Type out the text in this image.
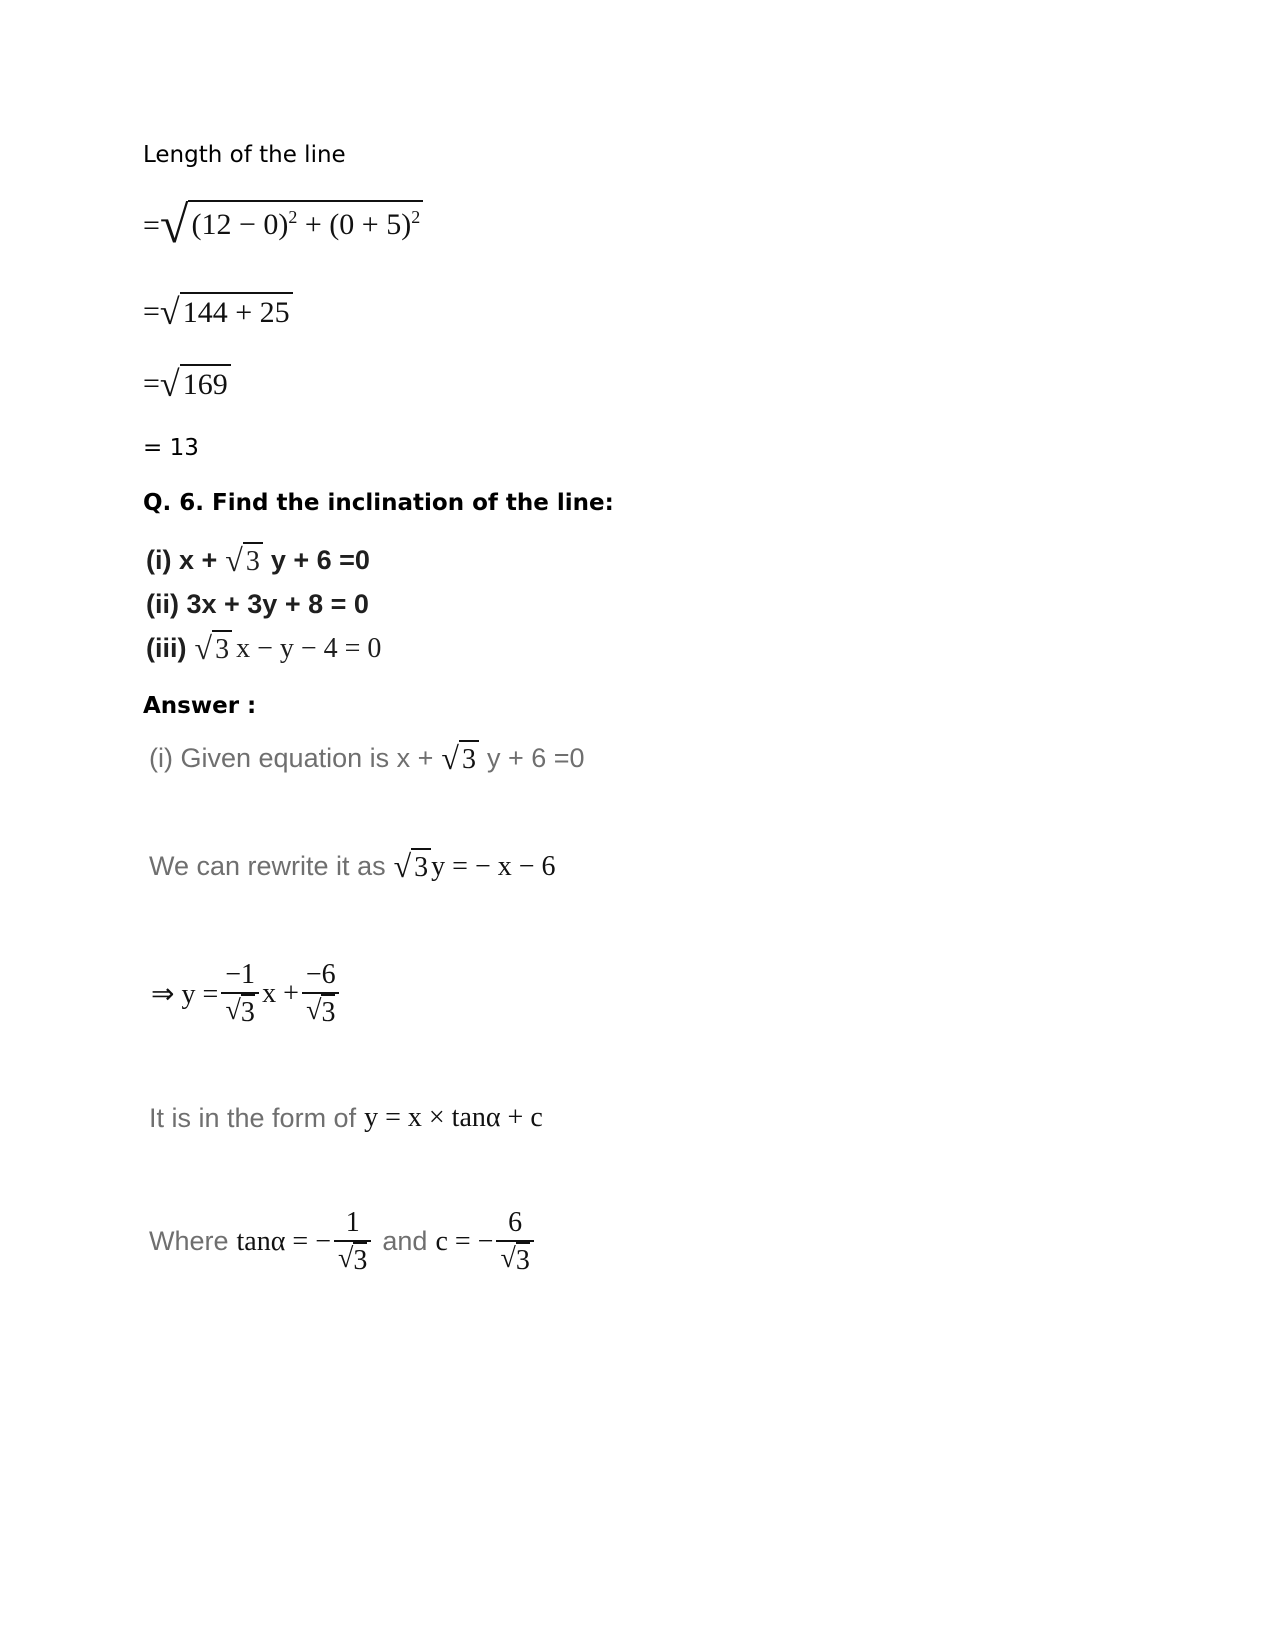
Length of the line
= √ $(12 - 0)^2 + (0 + 5)^2$
= √ 144 + 25
= √ 169
= 13
Q. 6. Find the inclination of the line:
(i) x + √ 3 y + 6 =0
(ii) 3x + 3y + 8 = 0
(iii) √ 3 x − y − 4 = 0
Answer :
(i) Given equation is x + √ 3 y + 6 =0
We can rewrite it as √ 3 y = − x − 6
⇒ $y = \frac{-1}{√ 3}$ $x + \frac{-6}{√ 3}$
It is in the form of y = x × tanα + c
Where tanα = − $\frac{1}{√ 3}$ and c = − $\frac{6}{√ 3}$
